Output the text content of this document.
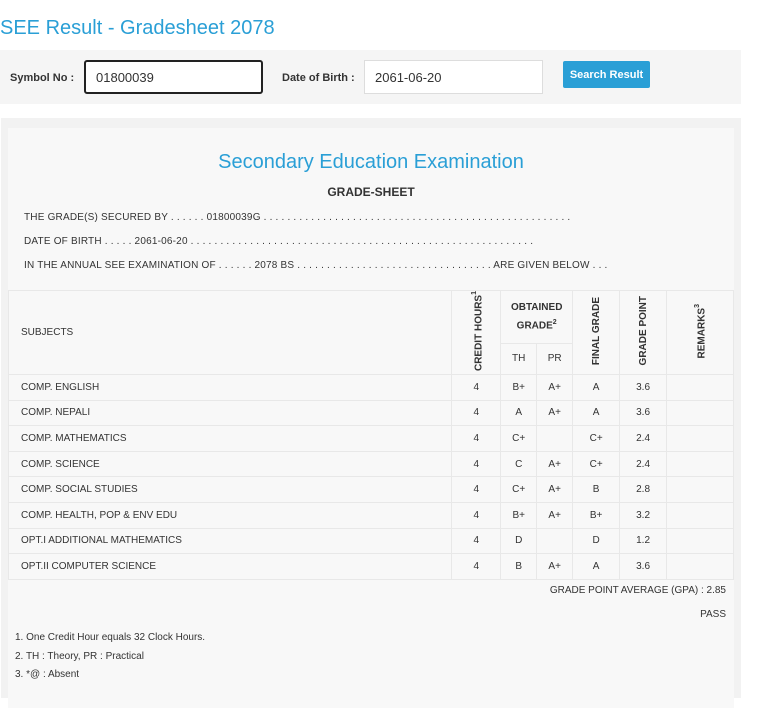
SEE Result - Gradesheet 2078
Symbol No :
01800039	Date of Birth :
2061-06-20	Search Result
Secondary Education Examination
GRADE-SHEET
THE GRADE(S) SECURED BY . . . . . . 01800039G . . . . . . . . . . . . . . . . . . . . . . . . . . . . . . . . . . . . . . . . . . . . . . . . . . . .
DATE OF BIRTH . . . . . 2061-06-20 . . . . . . . . . . . . . . . . . . . . . . . . . . . . . . . . . . . . . . . . . . . . . . . . . . . . . . . . . .
IN THE ANNUAL SEE EXAMINATION OF . . . . . . 2078 BS . . . . . . . . . . . . . . . . . . . . . . . . . . . . . . . . . ARE GIVEN BELOW . . .
SUBJECTS	CREDIT HOURS$^1$	OBTAINED GRADE$^2$		FINAL GRADE	GRADE POINT	REMARKS$^3$
		TH	PR			
COMP. ENGLISH	4	B+	A+	A	3.6	
COMP. NEPALI	4	A	A+	A	3.6	
COMP. MATHEMATICS	4	C+		C+	2.4	
COMP. SCIENCE	4	C	A+	C+	2.4	
COMP. SOCIAL STUDIES	4	C+	A+	B	2.8	
COMP. HEALTH, POP & ENV EDU	4	B+	A+	B+	3.2	
OPT.I ADDITIONAL MATHEMATICS	4	D		D	1.2	
OPT.II COMPUTER SCIENCE	4	B	A+	A	3.6	
GRADE POINT AVERAGE (GPA) : 2.85
PASS
1. One Credit Hour equals 32 Clock Hours.
2. TH : Theory, PR : Practical
3. *@ : Absent
